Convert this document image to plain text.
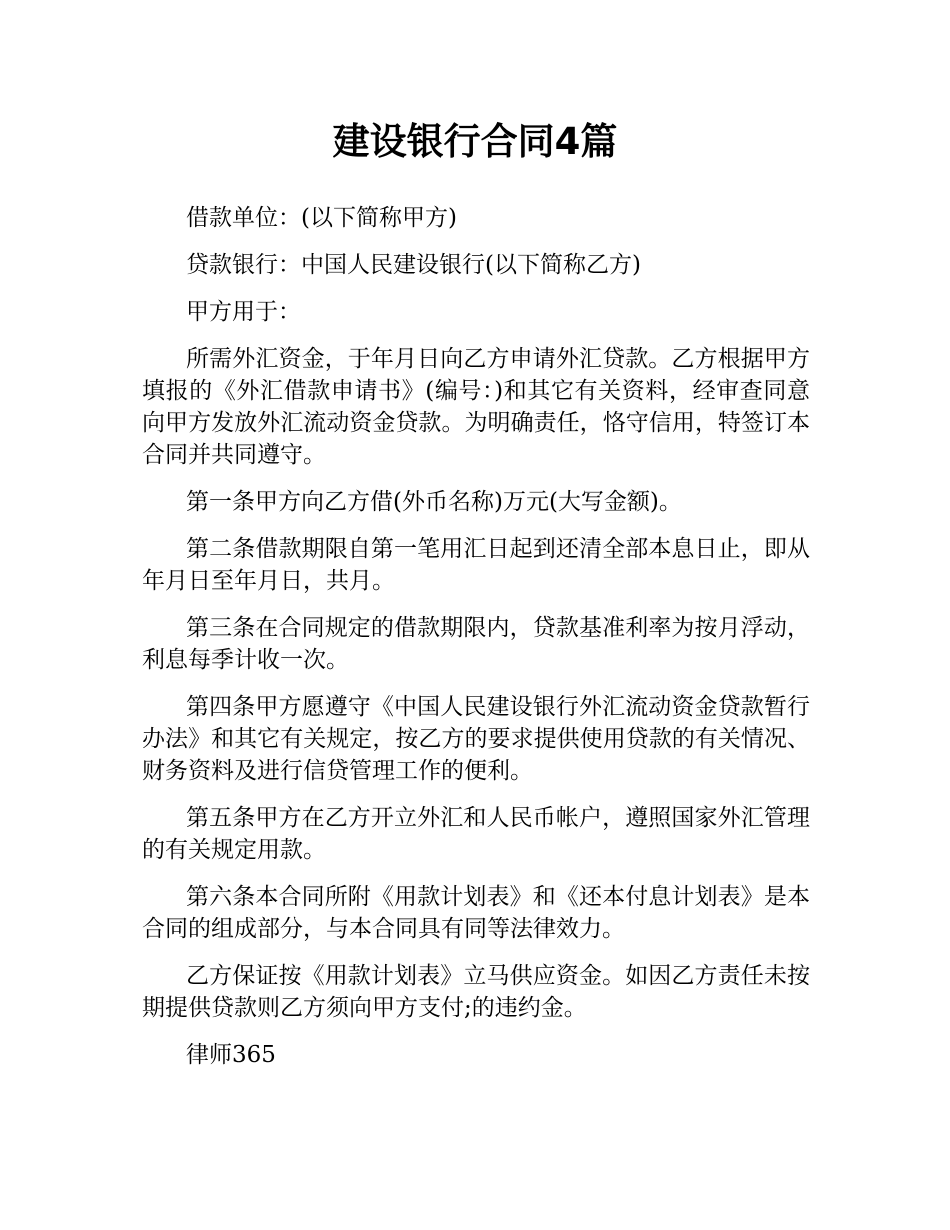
建设银行合同4篇

借款单位：(以下简称甲方)

贷款银行：中国人民建设银行(以下简称乙方)

甲方用于：

所需外汇资金，于年月日向乙方申请外汇贷款。乙方根据甲方填报的《外汇借款申请书》(编号：)和其它有关资料，经审查同意向甲方发放外汇流动资金贷款。为明确责任，恪守信用，特签订本合同并共同遵守。

第一条甲方向乙方借(外币名称)万元(大写金额)。

第二条借款期限自第一笔用汇日起到还清全部本息日止，即从年月日至年月日，共月。

第三条在合同规定的借款期限内，贷款基准利率为按月浮动，利息每季计收一次。

第四条甲方愿遵守《中国人民建设银行外汇流动资金贷款暂行办法》和其它有关规定，按乙方的要求提供使用贷款的有关情况、财务资料及进行信贷管理工作的便利。

第五条甲方在乙方开立外汇和人民币帐户，遵照国家外汇管理的有关规定用款。

第六条本合同所附《用款计划表》和《还本付息计划表》是本合同的组成部分，与本合同具有同等法律效力。

乙方保证按《用款计划表》立马供应资金。如因乙方责任未按期提供贷款则乙方须向甲方支付;的违约金。

律师365
